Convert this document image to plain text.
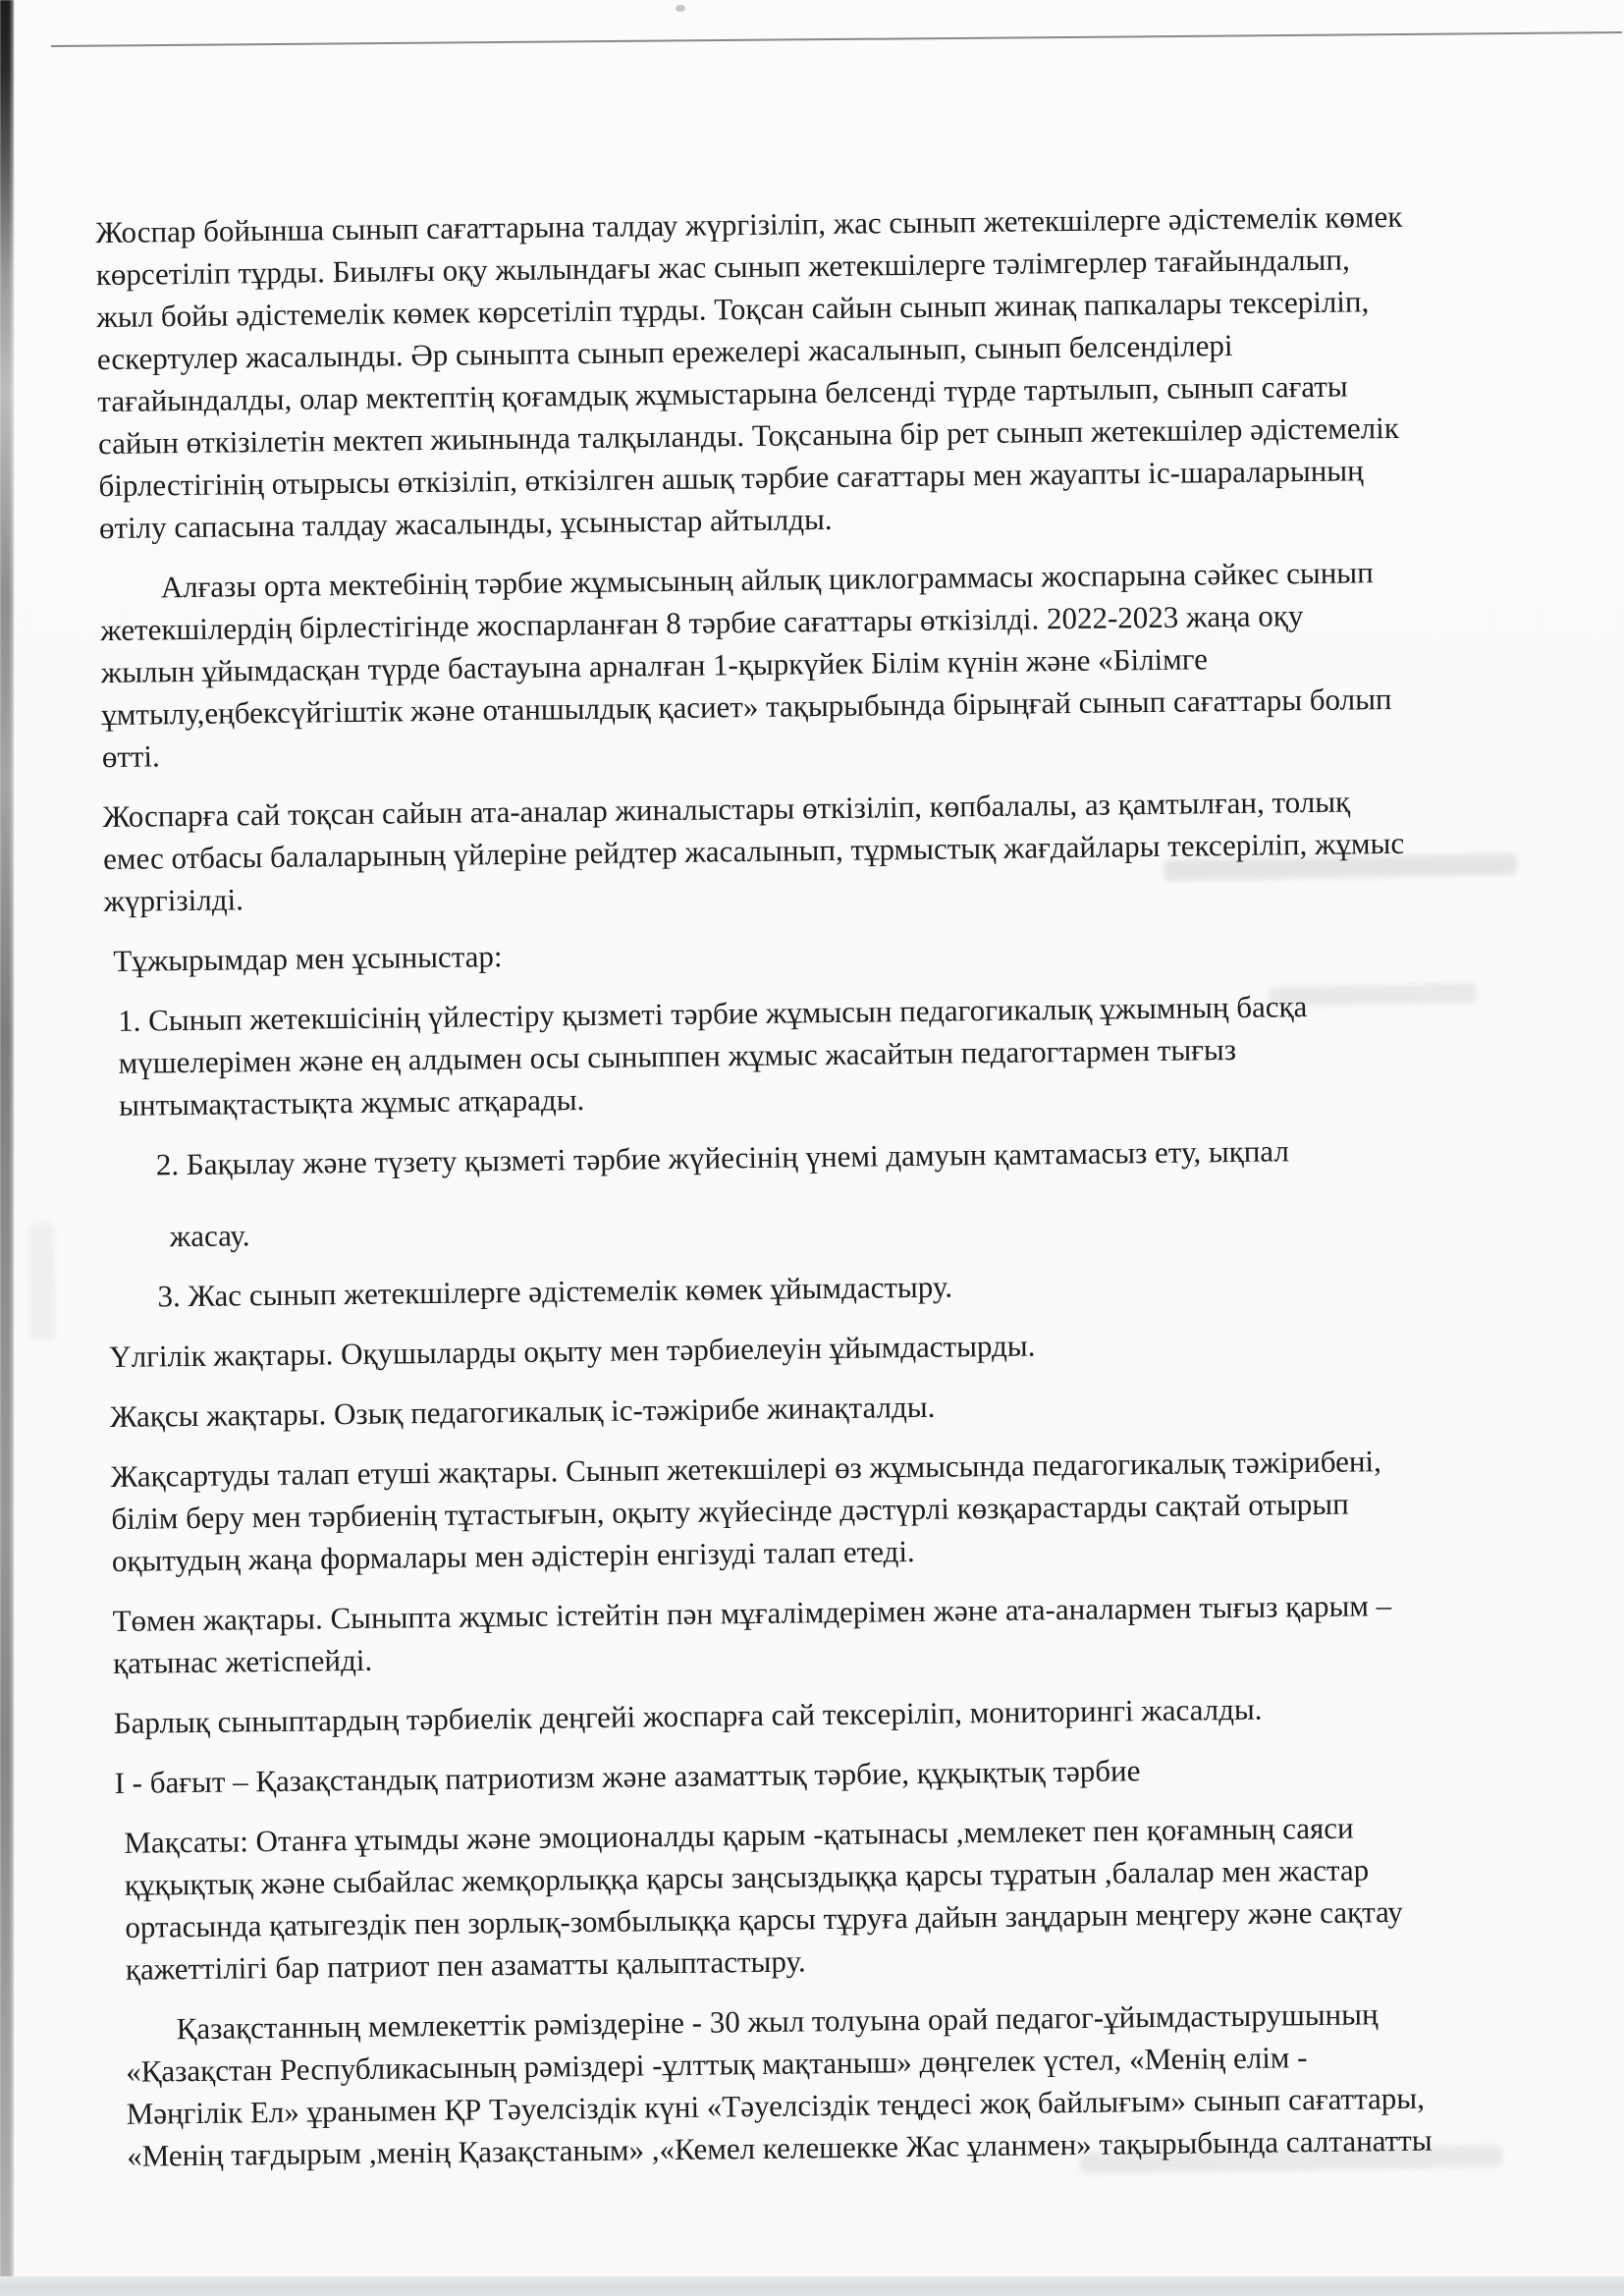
Жоспар бойынша сынып сағаттарына талдау жүргізіліп, жас сынып жетекшілерге әдістемелік көмек
көрсетіліп тұрды. Биылғы оқу жылындағы жас сынып жетекшілерге тәлімгерлер тағайындалып,
жыл бойы әдістемелік көмек көрсетіліп тұрды. Тоқсан сайын сынып жинақ папкалары тексеріліп,
ескертулер жасалынды. Әр сыныпта сынып ережелері жасалынып, сынып белсенділері
тағайындалды, олар мектептің қоғамдық жұмыстарына белсенді түрде тартылып, сынып сағаты
сайын өткізілетін мектеп жиынында талқыланды. Тоқсанына бір рет сынып жетекшілер әдістемелік
бірлестігінің отырысы өткізіліп, өткізілген ашық тәрбие сағаттары мен жауапты іс-шараларының
өтілу сапасына талдау жасалынды, ұсыныстар айтылды.
Алғазы орта мектебінің тәрбие жұмысының айлық циклограммасы жоспарына сәйкес сынып
жетекшілердің бірлестігінде жоспарланған 8 тәрбие сағаттары өткізілді. 2022-2023 жаңа оқу
жылын ұйымдасқан түрде бастауына арналған 1-қыркүйек Білім күнін және «Білімге
ұмтылу,еңбексүйгіштік және отаншылдық қасиет» тақырыбында бірыңғай сынып сағаттары болып
өтті.
Жоспарға сай тоқсан сайын ата-аналар жиналыстары өткізіліп, көпбалалы, аз қамтылған, толық
емес отбасы балаларының үйлеріне рейдтер жасалынып, тұрмыстық жағдайлары тексеріліп, жұмыс
жүргізілді.
Тұжырымдар мен ұсыныстар:
1. Сынып жетекшісінің үйлестіру қызметі тәрбие жұмысын педагогикалық ұжымның басқа
мүшелерімен және ең алдымен осы сыныппен жұмыс жасайтын педагогтармен тығыз
ынтымақтастықта жұмыс атқарады.
2. Бақылау және түзету қызметі тәрбие жүйесінің үнемі дамуын қамтамасыз ету, ықпал
жасау.
3. Жас сынып жетекшілерге әдістемелік көмек ұйымдастыру.
Үлгілік жақтары. Оқушыларды оқыту мен тәрбиелеуін ұйымдастырды.
Жақсы жақтары. Озық педагогикалық іс-тәжірибе жинақталды.
Жақсартуды талап етуші жақтары. Сынып жетекшілері өз жұмысында педагогикалық тәжірибені,
білім беру мен тәрбиенің тұтастығын, оқыту жүйесінде дәстүрлі көзқарастарды сақтай отырып
оқытудың жаңа формалары мен әдістерін енгізуді талап етеді.
Төмен жақтары. Сыныпта жұмыс істейтін пән мұғалімдерімен және ата-аналармен тығыз қарым –
қатынас жетіспейді.
Барлық сыныптардың тәрбиелік деңгейі жоспарға сай тексеріліп, мониторингі жасалды.
І - бағыт – Қазақстандық патриотизм және азаматтық тәрбие, құқықтық тәрбие
Мақсаты: Отанға ұтымды және эмоционалды қарым -қатынасы ,мемлекет пен қоғамның саяси
құқықтық және сыбайлас жемқорлыққа қарсы заңсыздыққа қарсы тұратын ,балалар мен жастар
ортасында қатыгездік пен зорлық-зомбылыққа қарсы тұруға дайын заңдарын меңгеру және сақтау
қажеттілігі бар патриот пен азаматты қалыптастыру.
Қазақстанның мемлекеттік рәміздеріне - 30 жыл толуына орай педагог-ұйымдастырушының
«Қазақстан Республикасының рәміздері -ұлттық мақтаныш» дөңгелек үстел, «Менің елім -
Мәңгілік Ел» ұранымен ҚР Тәуелсіздік күні «Тәуелсіздік теңдесі жоқ байлығым» сынып сағаттары,
«Менің тағдырым ,менің Қазақстаным» ,«Кемел келешекке Жас ұланмен» тақырыбында салтанатты
